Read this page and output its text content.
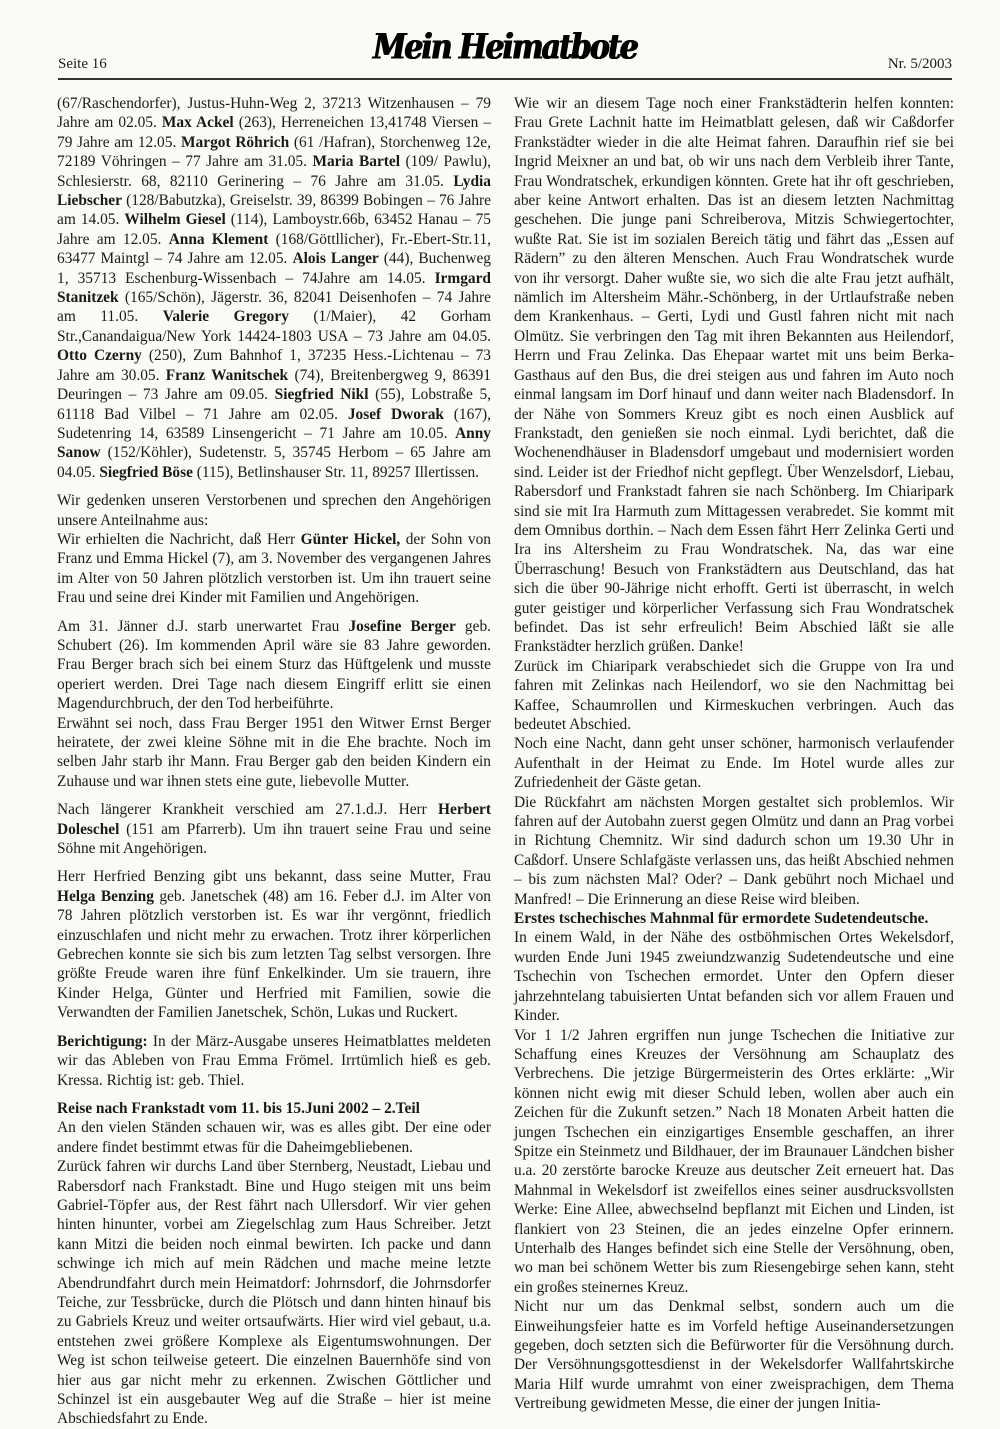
Seite 16	Mein Heimatbote	Nr. 5/2003

(67/Raschendorfer), Justus-Huhn-Weg 2, 37213 Witzenhausen – 79 Jahre am 02.05. Max Ackel (263), Herreneichen 13,41748 Viersen – 79 Jahre am 12.05. Margot Röhrich (61 /Hafran), Storchenweg 12e, 72189 Vöhringen – 77 Jahre am 31.05. Maria Bartel (109/ Pawlu), Schlesierstr. 68, 82110 Gerinering – 76 Jahre am 31.05. Lydia Liebscher (128/Babutzka), Greiselstr. 39, 86399 Bobingen – 76 Jahre am 14.05. Wilhelm Giesel (114), Lamboystr.66b, 63452 Hanau – 75 Jahre am 12.05. Anna Klement (168/Göttllicher), Fr.-Ebert-Str.11, 63477 Maintgl – 74 Jahre am 12.05. Alois Langer (44), Buchenweg 1, 35713 Eschenburg-Wissenbach – 74Jahre am 14.05. Irmgard Stanitzek (165/Schön), Jägerstr. 36, 82041 Deisenhofen – 74 Jahre am 11.05. Valerie Gregory (1/Maier), 42 Gorham Str.,Canandaigua/New York 14424-1803 USA – 73 Jahre am 04.05. Otto Czerny (250), Zum Bahnhof 1, 37235 Hess.-Lichtenau – 73 Jahre am 30.05. Franz Wanitschek (74), Breitenbergweg 9, 86391 Deuringen – 73 Jahre am 09.05. Siegfried Nikl (55), Lobstraße 5, 61118 Bad Vilbel – 71 Jahre am 02.05. Josef Dworak (167), Sudetenring 14, 63589 Linsengericht – 71 Jahre am 10.05. Anny Sanow (152/Köhler), Sudetenstr. 5, 35745 Herbom – 65 Jahre am 04.05. Siegfried Böse (115), Betlinshauser Str. 11, 89257 Illertissen.

Wir gedenken unseren Verstorbenen und sprechen den Angehörigen unsere Anteilnahme aus:

Wir erhielten die Nachricht, daß Herr Günter Hickel, der Sohn von Franz und Emma Hickel (7), am 3. November des vergangenen Jahres im Alter von 50 Jahren plötzlich verstorben ist. Um ihn trauert seine Frau und seine drei Kinder mit Familien und Angehörigen.

Am 31. Jänner d.J. starb unerwartet Frau Josefine Berger geb. Schubert (26). Im kommenden April wäre sie 83 Jahre geworden. Frau Berger brach sich bei einem Sturz das Hüftgelenk und musste operiert werden. Drei Tage nach diesem Eingriff erlitt sie einen Magendurchbruch, der den Tod herbeiführte.

Erwähnt sei noch, dass Frau Berger 1951 den Witwer Ernst Berger heiratete, der zwei kleine Söhne mit in die Ehe brachte. Noch im selben Jahr starb ihr Mann. Frau Berger gab den beiden Kindern ein Zuhause und war ihnen stets eine gute, liebevolle Mutter.

Nach längerer Krankheit verschied am 27.1.d.J. Herr Herbert Doleschel (151 am Pfarrerb). Um ihn trauert seine Frau und seine Söhne mit Angehörigen.

Herr Herfried Benzing gibt uns bekannt, dass seine Mutter, Frau Helga Benzing geb. Janetschek (48) am 16. Feber d.J. im Alter von 78 Jahren plötzlich verstorben ist. Es war ihr vergönnt, friedlich einzuschlafen und nicht mehr zu erwachen. Trotz ihrer körperlichen Gebrechen konnte sie sich bis zum letzten Tag selbst versorgen. Ihre größte Freude waren ihre fünf Enkelkinder. Um sie trauern, ihre Kinder Helga, Günter und Herfried mit Familien, sowie die Verwandten der Familien Janetschek, Schön, Lukas und Ruckert.

Berichtigung: In der März-Ausgabe unseres Heimatblattes meldeten wir das Ableben von Frau Emma Frömel. Irrtümlich hieß es geb. Kressa. Richtig ist: geb. Thiel.

Reise nach Frankstadt vom 11. bis 15.Juni 2002 – 2.Teil

An den vielen Ständen schauen wir, was es alles gibt. Der eine oder andere findet bestimmt etwas für die Daheimgebliebenen.

Zurück fahren wir durchs Land über Sternberg, Neustadt, Liebau und Rabersdorf nach Frankstadt. Bine und Hugo steigen mit uns beim Gabriel-Töpfer aus, der Rest fährt nach Ullersdorf. Wir vier gehen hinten hinunter, vorbei am Ziegelschlag zum Haus Schreiber. Jetzt kann Mitzi die beiden noch einmal bewirten. Ich packe und dann schwinge ich mich auf mein Rädchen und mache meine letzte Abendrundfahrt durch mein Heimatdorf: Johrnsdorf, die Johrnsdorfer Teiche, zur Tessbrücke, durch die Plötsch und dann hinten hinauf bis zu Gabriels Kreuz und weiter ortsaufwärts. Hier wird viel gebaut, u.a. entstehen zwei größere Komplexe als Eigentumswohnungen. Der Weg ist schon teilweise geteert. Die einzelnen Bauernhöfe sind von hier aus gar nicht mehr zu erkennen. Zwischen Göttlicher und Schinzel ist ein ausgebauter Weg auf die Straße – hier ist meine Abschiedsfahrt zu Ende.

Wie wir an diesem Tage noch einer Frankstädterin helfen konnten: Frau Grete Lachnit hatte im Heimatblatt gelesen, daß wir Caßdorfer Frankstädter wieder in die alte Heimat fahren. Daraufhin rief sie bei Ingrid Meixner an und bat, ob wir uns nach dem Verbleib ihrer Tante, Frau Wondratschek, erkundigen könnten. Grete hat ihr oft geschrieben, aber keine Antwort erhalten. Das ist an diesem letzten Nachmittag geschehen. Die junge pani Schreiberova, Mitzis Schwiegertochter, wußte Rat. Sie ist im sozialen Bereich tätig und fährt das „Essen auf Rädern” zu den älteren Menschen. Auch Frau Wondratschek wurde von ihr versorgt. Daher wußte sie, wo sich die alte Frau jetzt aufhält, nämlich im Altersheim Mähr.-Schönberg, in der Urtlaufstraße neben dem Krankenhaus. – Gerti, Lydi und Gustl fahren nicht mit nach Olmütz. Sie verbringen den Tag mit ihren Bekannten aus Heilendorf, Herrn und Frau Zelinka. Das Ehepaar wartet mit uns beim Berka-Gasthaus auf den Bus, die drei steigen aus und fahren im Auto noch einmal langsam im Dorf hinauf und dann weiter nach Bladensdorf. In der Nähe von Sommers Kreuz gibt es noch einen Ausblick auf Frankstadt, den genießen sie noch einmal. Lydi berichtet, daß die Wochenendhäuser in Bladensdorf umgebaut und modernisiert worden sind. Leider ist der Friedhof nicht gepflegt. Über Wenzelsdorf, Liebau, Rabersdorf und Frankstadt fahren sie nach Schönberg. Im Chiaripark sind sie mit Ira Harmuth zum Mittagessen verabredet. Sie kommt mit dem Omnibus dorthin. – Nach dem Essen fährt Herr Zelinka Gerti und Ira ins Altersheim zu Frau Wondratschek. Na, das war eine Überraschung! Besuch von Frankstädtern aus Deutschland, das hat sich die über 90-Jährige nicht erhofft. Gerti ist überrascht, in welch guter geistiger und körperlicher Verfassung sich Frau Wondratschek befindet. Das ist sehr erfreulich! Beim Abschied läßt sie alle Frankstädter herzlich grüßen. Danke!

Zurück im Chiaripark verabschiedet sich die Gruppe von Ira und fahren mit Zelinkas nach Heilendorf, wo sie den Nachmittag bei Kaffee, Schaumrollen und Kirmeskuchen verbringen. Auch das bedeutet Abschied.

Noch eine Nacht, dann geht unser schöner, harmonisch verlaufender Aufenthalt in der Heimat zu Ende. Im Hotel wurde alles zur Zufriedenheit der Gäste getan.

Die Rückfahrt am nächsten Morgen gestaltet sich problemlos. Wir fahren auf der Autobahn zuerst gegen Olmütz und dann an Prag vorbei in Richtung Chemnitz. Wir sind dadurch schon um 19.30 Uhr in Caßdorf. Unsere Schlafgäste verlassen uns, das heißt Abschied nehmen – bis zum nächsten Mal? Oder? – Dank gebührt noch Michael und Manfred! – Die Erinnerung an diese Reise wird bleiben.

Erstes tschechisches Mahnmal für ermordete Sudetendeutsche.

In einem Wald, in der Nähe des ostböhmischen Ortes Wekelsdorf, wurden Ende Juni 1945 zweiundzwanzig Sudetendeutsche und eine Tschechin von Tschechen ermordet. Unter den Opfern dieser jahrzehntelang tabuisierten Untat befanden sich vor allem Frauen und Kinder.

Vor 1 1/2 Jahren ergriffen nun junge Tschechen die Initiative zur Schaffung eines Kreuzes der Versöhnung am Schauplatz des Verbrechens. Die jetzige Bürgermeisterin des Ortes erklärte: „Wir können nicht ewig mit dieser Schuld leben, wollen aber auch ein Zeichen für die Zukunft setzen.” Nach 18 Monaten Arbeit hatten die jungen Tschechen ein einzigartiges Ensemble geschaffen, an ihrer Spitze ein Steinmetz und Bildhauer, der im Braunauer Ländchen bisher u.a. 20 zerstörte barocke Kreuze aus deutscher Zeit erneuert hat. Das Mahnmal in Wekelsdorf ist zweifellos eines seiner ausdrucksvollsten Werke: Eine Allee, abwechselnd bepflanzt mit Eichen und Linden, ist flankiert von 23 Steinen, die an jedes einzelne Opfer erinnern. Unterhalb des Hanges befindet sich eine Stelle der Versöhnung, oben, wo man bei schönem Wetter bis zum Riesengebirge sehen kann, steht ein großes steinernes Kreuz.

Nicht nur um das Denkmal selbst, sondern auch um die Einweihungsfeier hatte es im Vorfeld heftige Auseinandersetzungen gegeben, doch setzten sich die Befürworter für die Versöhnung durch. Der Versöhnungsgottesdienst in der Wekelsdorfer Wallfahrtskirche Maria Hilf wurde umrahmt von einer zweisprachigen, dem Thema Vertreibung gewidmeten Messe, die einer der jungen Initia-
